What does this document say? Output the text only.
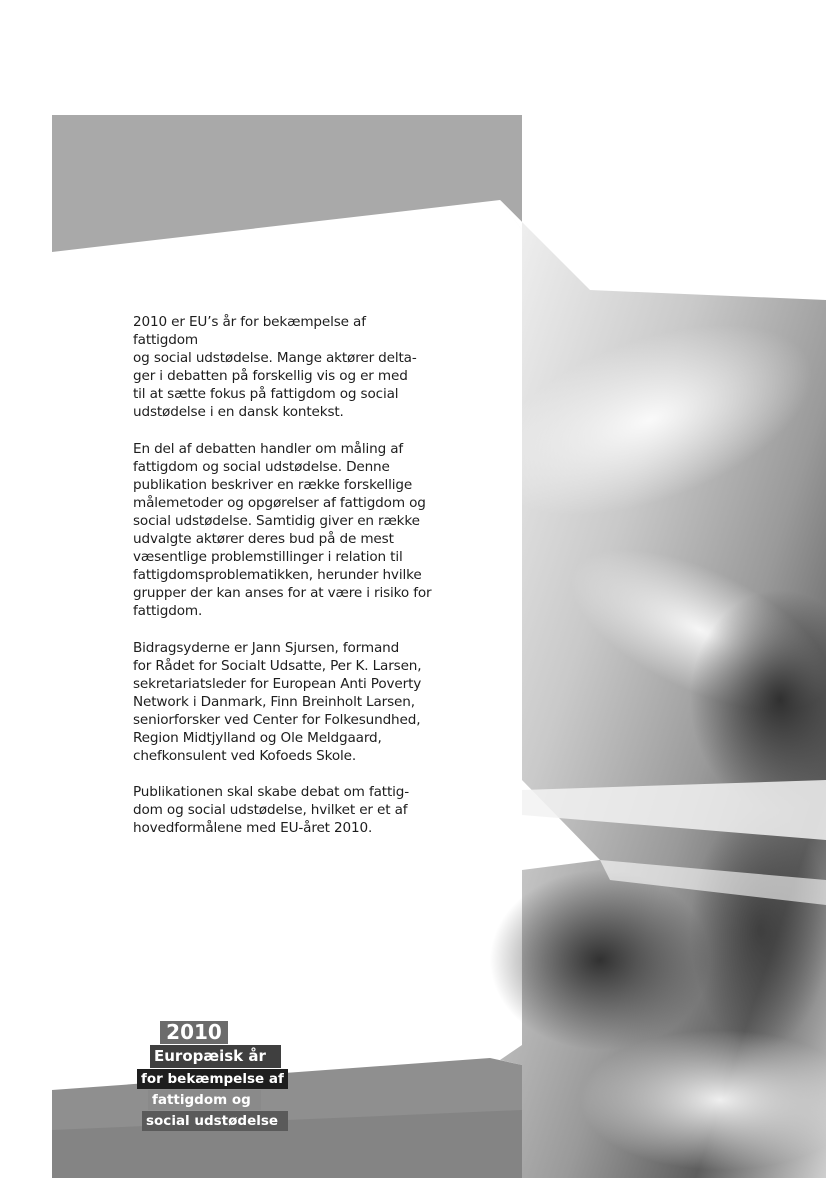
2010 er EU’s år for bekæmpelse af fattigdom
og social udstødelse. Mange aktører delta-
ger i debatten på forskellig vis og er med
til at sætte fokus på fattigdom og social
udstødelse i en dansk kontekst.

En del af debatten handler om måling af
fattigdom og social udstødelse. Denne
publikation beskriver en række forskellige
målemetoder og opgørelser af fattigdom og
social udstødelse. Samtidig giver en række
udvalgte aktører deres bud på de mest
væsentlige problemstillinger i relation til
fattigdomsproblematikken, herunder hvilke
grupper der kan anses for at være i risiko for
fattigdom.

Bidragsyderne er Jann Sjursen, formand
for Rådet for Socialt Udsatte, Per K. Larsen,
sekretariatsleder for European Anti Poverty
Network i Danmark, Finn Breinholt Larsen,
seniorforsker ved Center for Folkesundhed,
Region Midtjylland og Ole Meldgaard,
chefkonsulent ved Kofoeds Skole.

Publikationen skal skabe debat om fattig-
dom og social udstødelse, hvilket er et af
hovedformålene med EU-året 2010.

2010
Europæisk år
for bekæmpelse af
fattigdom og
social udstødelse
